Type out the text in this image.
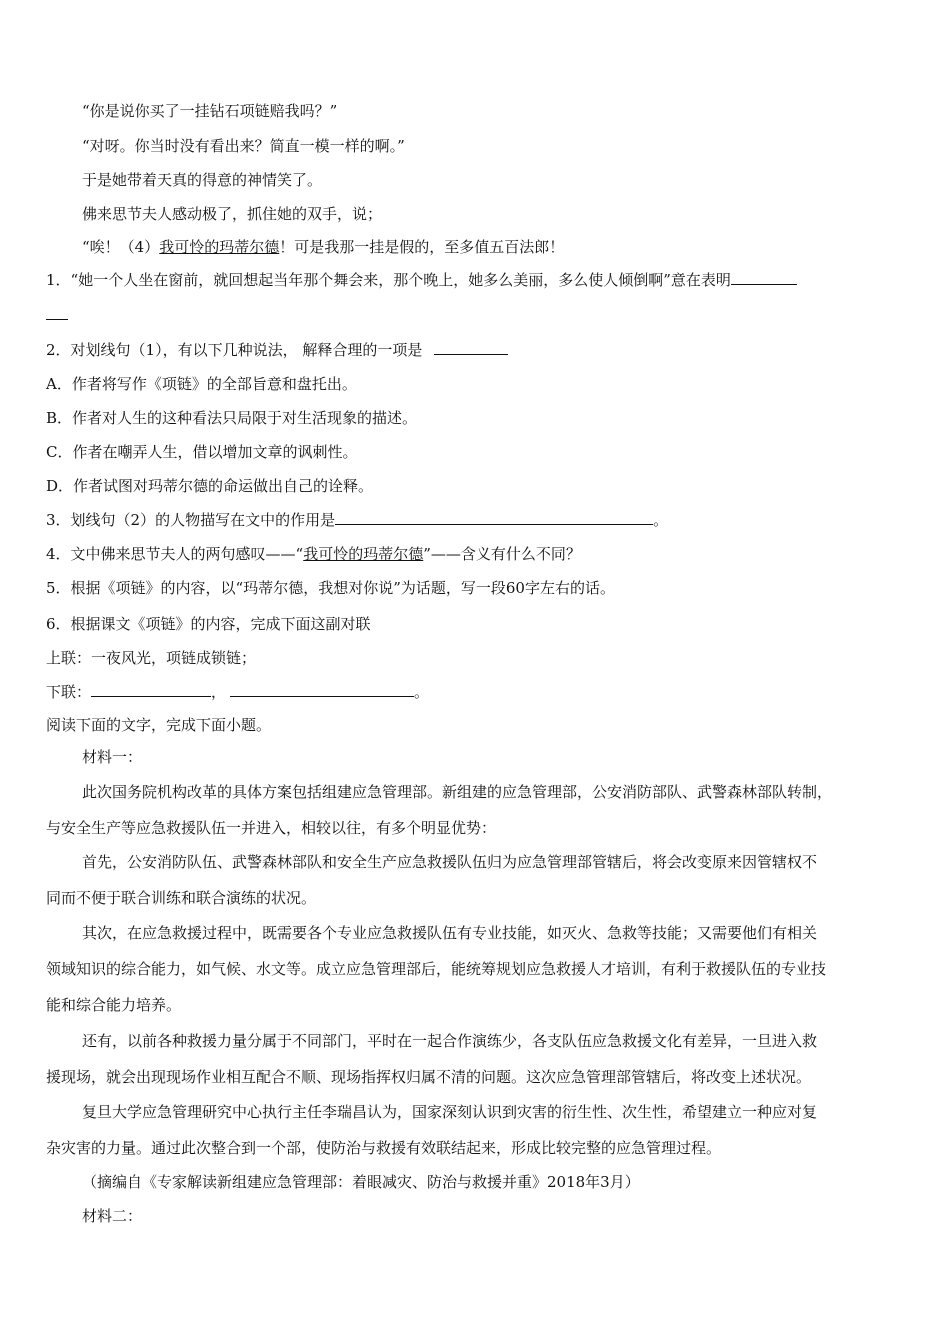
“你是说你买了一挂钻石项链赔我吗？”
“对呀。你当时没有看出来？简直一模一样的啊。”
于是她带着天真的得意的神情笑了。
佛来思节夫人感动极了，抓住她的双手，说；
“唉！（4）我可怜的玛蒂尔德！可是我那一挂是假的，至多值五百法郎！
1．“她一个人坐在窗前，就回想起当年那个舞会来，那个晚上，她多么美丽，多么使人倾倒啊”意在表明
2．对划线句（1），有以下几种说法， 解释合理的一项是
A．作者将写作《项链》的全部旨意和盘托出。
B．作者对人生的这种看法只局限于对生活现象的描述。
C．作者在嘲弄人生，借以增加文章的讽刺性。
D．作者试图对玛蒂尔德的命运做出自己的诠释。
3．划线句（2）的人物描写在文中的作用是	。
4．文中佛来思节夫人的两句感叹——“我可怜的玛蒂尔德”——含义有什么不同？
5．根据《项链》的内容，以“玛蒂尔德，我想对你说”为话题，写一段60字左右的话。
6．根据课文《项链》的内容，完成下面这副对联
上联：一夜风光，项链成锁链；
下联：	，	。
阅读下面的文字，完成下面小题。
材料一：
此次国务院机构改革的具体方案包括组建应急管理部。新组建的应急管理部，公安消防部队、武警森林部队转制，
与安全生产等应急救援队伍一并进入，相较以往，有多个明显优势：
首先，公安消防队伍、武警森林部队和安全生产应急救援队伍归为应急管理部管辖后，将会改变原来因管辖权不
同而不便于联合训练和联合演练的状况。
其次，在应急救援过程中，既需要各个专业应急救援队伍有专业技能，如灭火、急救等技能；又需要他们有相关
领域知识的综合能力，如气候、水文等。成立应急管理部后，能统筹规划应急救援人才培训，有利于救援队伍的专业技
能和综合能力培养。
还有，以前各种救援力量分属于不同部门，平时在一起合作演练少，各支队伍应急救援文化有差异，一旦进入救
援现场，就会出现现场作业相互配合不顺、现场指挥权归属不清的问题。这次应急管理部管辖后，将改变上述状况。
复旦大学应急管理研究中心执行主任李瑞昌认为，国家深刻认识到灾害的衍生性、次生性，希望建立一种应对复
杂灾害的力量。通过此次整合到一个部，使防治与救援有效联结起来，形成比较完整的应急管理过程。
（摘编自《专家解读新组建应急管理部：着眼减灾、防治与救援并重》2018年3月）
材料二：
